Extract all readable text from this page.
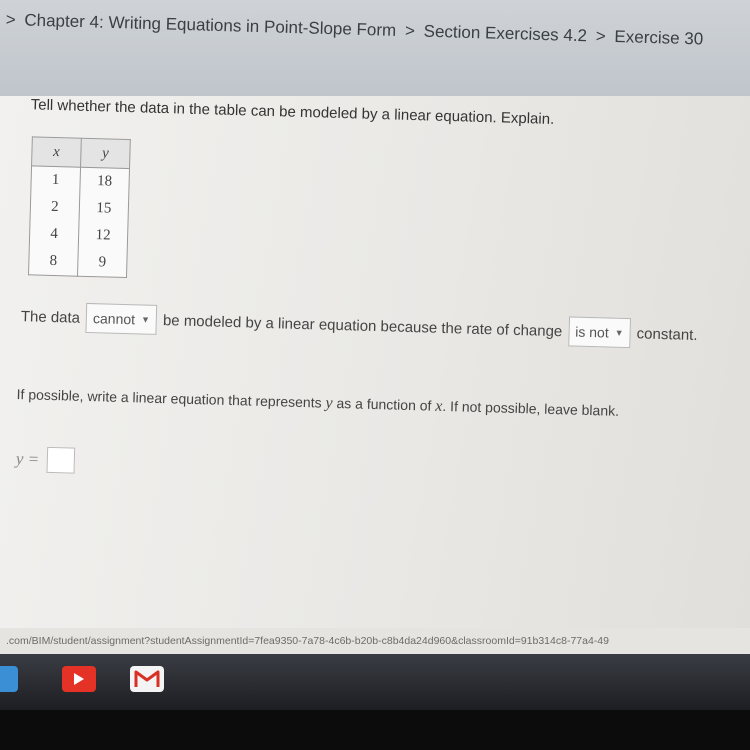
> Chapter 4: Writing Equations in Point-Slope Form > Section Exercises 4.2 > Exercise 30
Tell whether the data in the table can be modeled by a linear equation. Explain.
x	y
1	18
2	15
4	12
8	9
The data cannot ▼ be modeled by a linear equation because the rate of change is not ▼ constant.
If possible, write a linear equation that represents y as a function of x. If not possible, leave blank.
y =
.com/BIM/student/assignment?studentAssignmentId=7fea9350-7a78-4c6b-b20b-c8b4da24d960&classroomId=91b314c8-77a4-49
